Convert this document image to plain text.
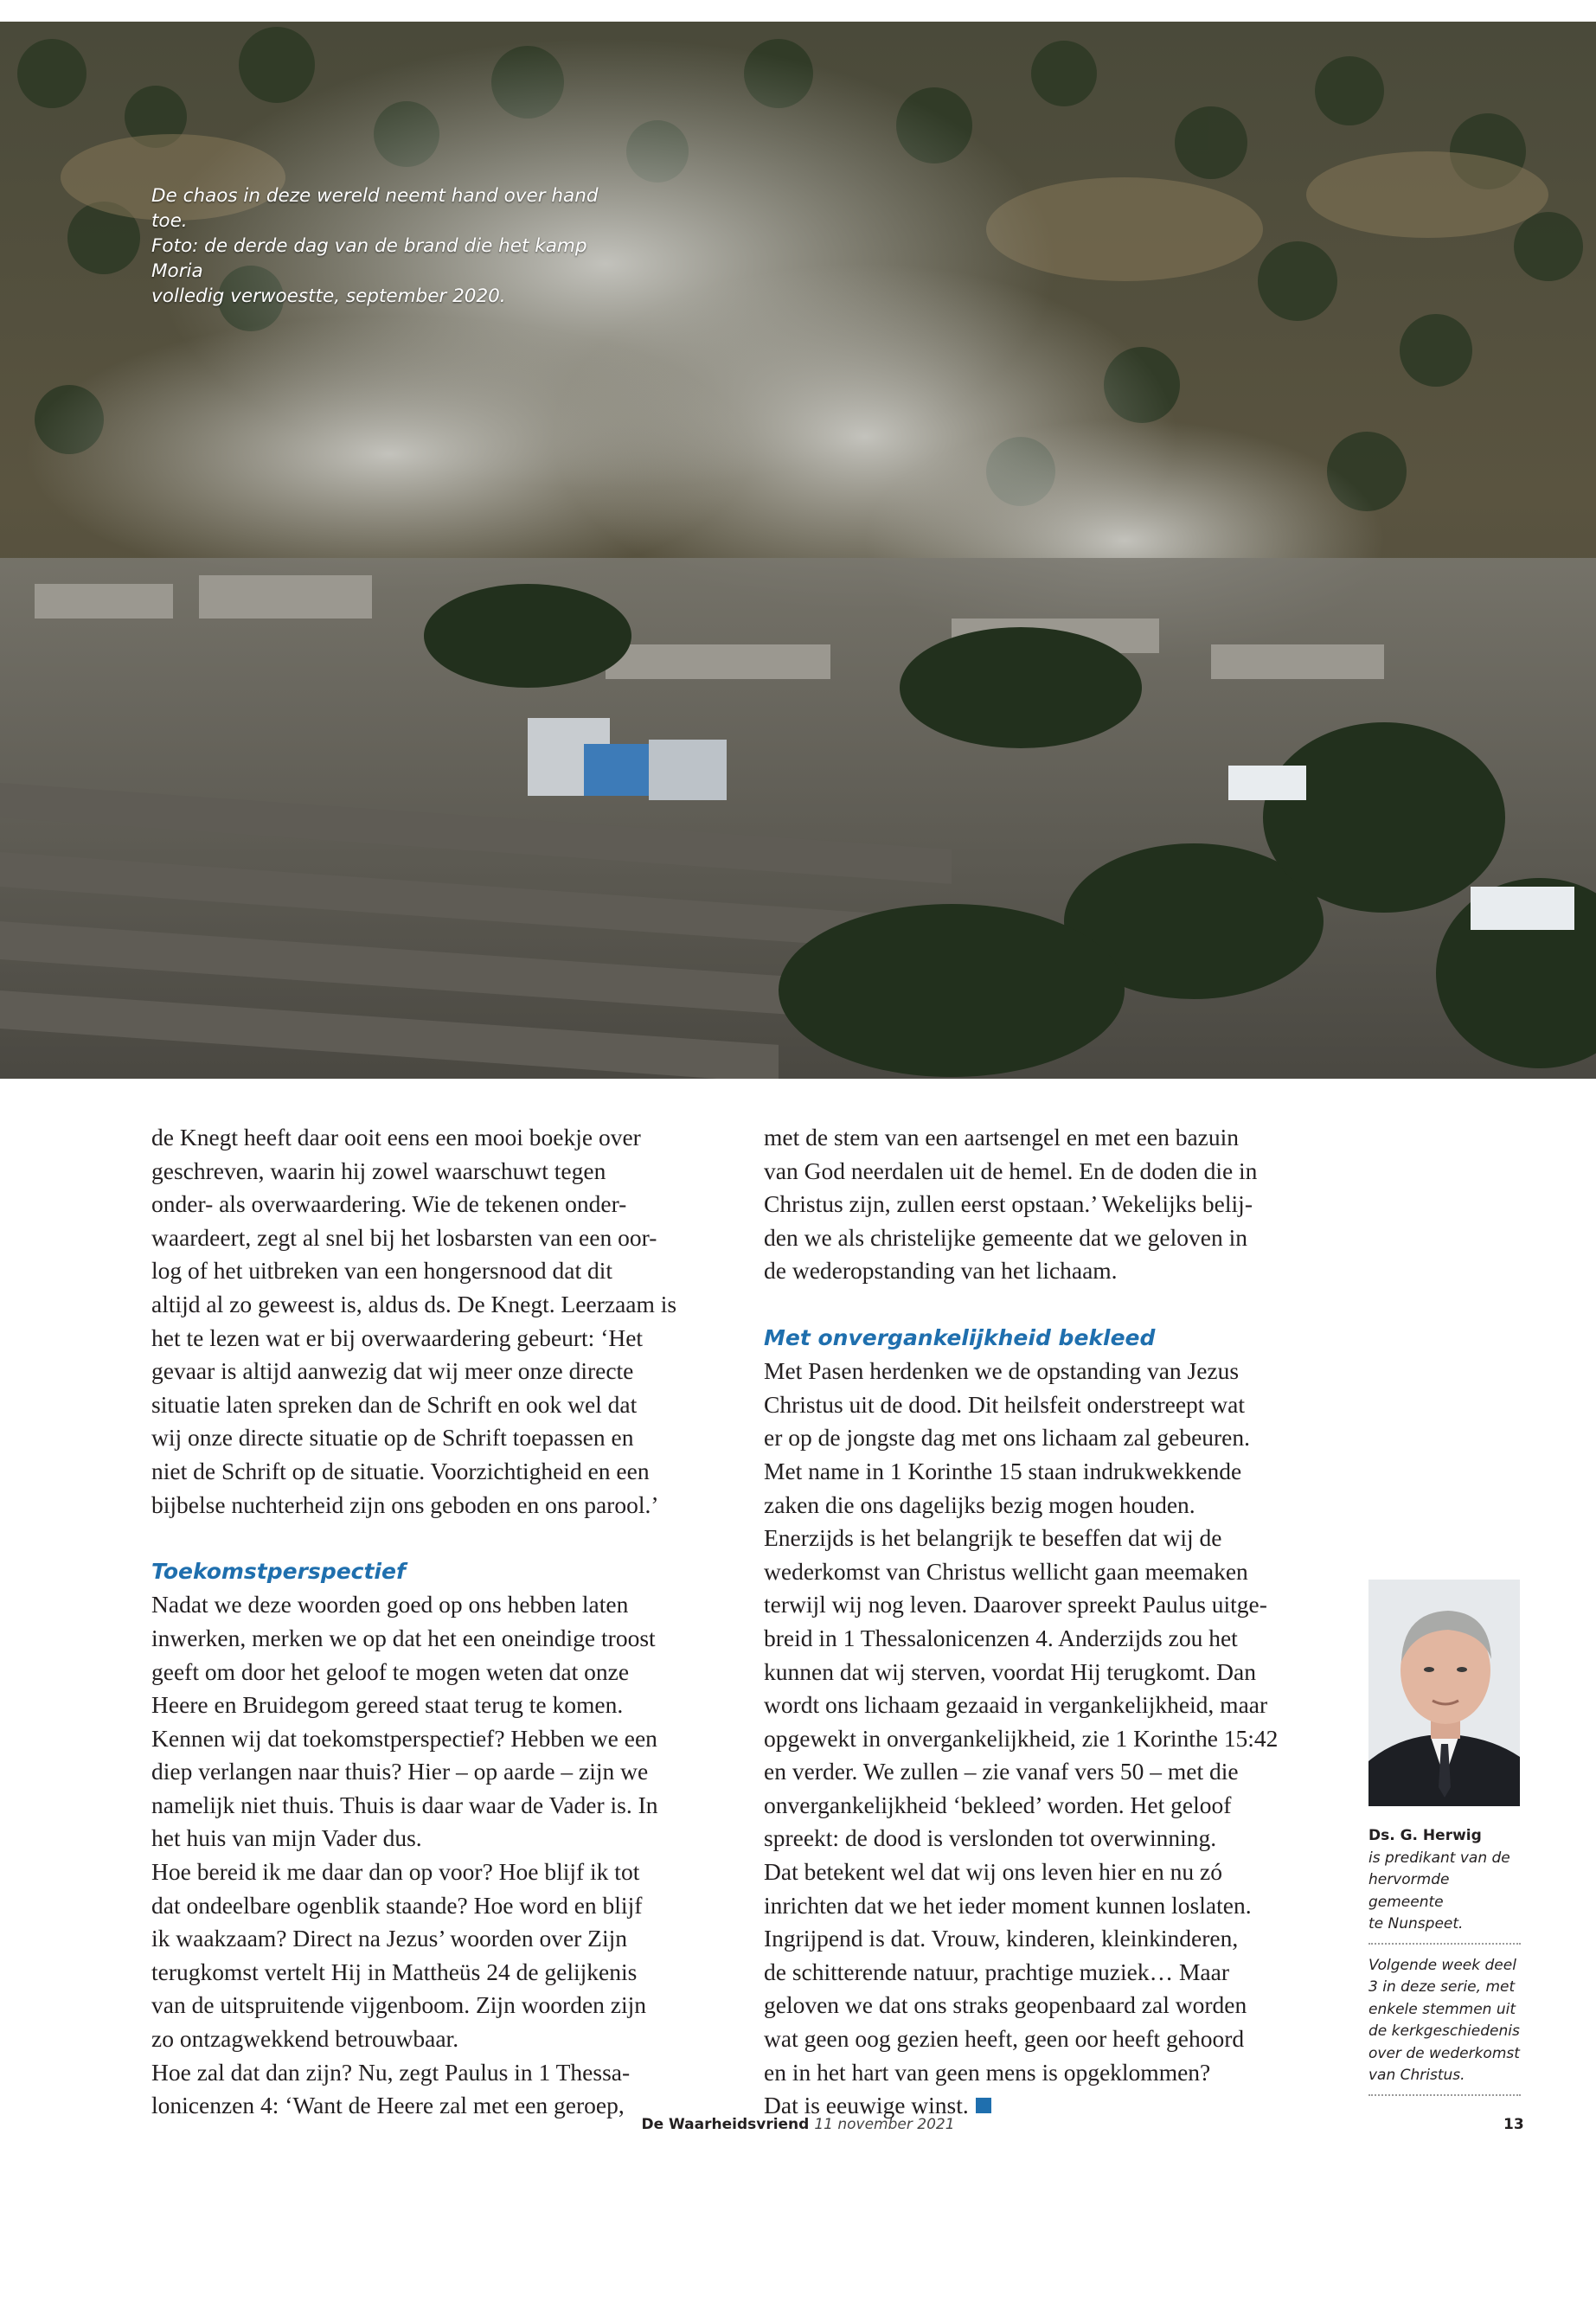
De chaos in deze wereld neemt hand over hand toe.
Foto: de derde dag van de brand die het kamp Moria
volledig verwoestte, september 2020.

de Knegt heeft daar ooit eens een mooi boekje over
geschreven, waarin hij zowel waarschuwt tegen
onder- als overwaardering. Wie de tekenen onder-
waardeert, zegt al snel bij het losbarsten van een oor-
log of het uitbreken van een hongersnood dat dit
altijd al zo geweest is, aldus ds. De Knegt. Leerzaam is
het te lezen wat er bij overwaardering gebeurt: ‘Het
gevaar is altijd aanwezig dat wij meer onze directe
situatie laten spreken dan de Schrift en ook wel dat
wij onze directe situatie op de Schrift toepassen en
niet de Schrift op de situatie. Voorzichtigheid en een
bijbelse nuchterheid zijn ons geboden en ons parool.’

Toekomstperspectief

Nadat we deze woorden goed op ons hebben laten
inwerken, merken we op dat het een oneindige troost
geeft om door het geloof te mogen weten dat onze
Heere en Bruidegom gereed staat terug te komen.
Kennen wij dat toekomstperspectief? Hebben we een
diep verlangen naar thuis? Hier – op aarde – zijn we
namelijk niet thuis. Thuis is daar waar de Vader is. In
het huis van mijn Vader dus.
Hoe bereid ik me daar dan op voor? Hoe blijf ik tot
dat ondeelbare ogenblik staande? Hoe word en blijf
ik waakzaam? Direct na Jezus’ woorden over Zijn
terugkomst vertelt Hij in Mattheüs 24 de gelijkenis
van de uitspruitende vijgenboom. Zijn woorden zijn
zo ontzagwekkend betrouwbaar.
Hoe zal dat dan zijn? Nu, zegt Paulus in 1 Thessa-
lonicenzen 4: ‘Want de Heere zal met een geroep,

met de stem van een aartsengel en met een bazuin
van God neerdalen uit de hemel. En de doden die in
Christus zijn, zullen eerst opstaan.’ Wekelijks belij-
den we als christelijke gemeente dat we geloven in
de wederopstanding van het lichaam.

Met onvergankelijkheid bekleed

Met Pasen herdenken we de opstanding van Jezus
Christus uit de dood. Dit heilsfeit onderstreept wat
er op de jongste dag met ons lichaam zal gebeuren.
Met name in 1 Korinthe 15 staan indrukwekkende
zaken die ons dagelijks bezig mogen houden.
Enerzijds is het belangrijk te beseffen dat wij de
wederkomst van Christus wellicht gaan meemaken
terwijl wij nog leven. Daarover spreekt Paulus uitge-
breid in 1 Thessalonicenzen 4. Anderzijds zou het
kunnen dat wij sterven, voordat Hij terugkomt. Dan
wordt ons lichaam gezaaid in vergankelijkheid, maar
opgewekt in onvergankelijkheid, zie 1 Korinthe 15:42
en verder. We zullen – zie vanaf vers 50 – met die
onvergankelijkheid ‘bekleed’ worden. Het geloof
spreekt: de dood is verslonden tot overwinning.
Dat betekent wel dat wij ons leven hier en nu zó
inrichten dat we het ieder moment kunnen loslaten.
Ingrijpend is dat. Vrouw, kinderen, kleinkinderen,
de schitterende natuur, prachtige muziek… Maar
geloven we dat ons straks geopenbaard zal worden
wat geen oog gezien heeft, geen oor heeft gehoord
en in het hart van geen mens is opgeklommen?
Dat is eeuwige winst.

Ds. G. Herwig
is predikant van de
hervormde gemeente
te Nunspeet.
Volgende week deel
3 in deze serie, met
enkele stemmen uit
de kerkgeschiedenis
over de wederkomst
van Christus.
De Waarheidsvriend 11 november 2021	13
